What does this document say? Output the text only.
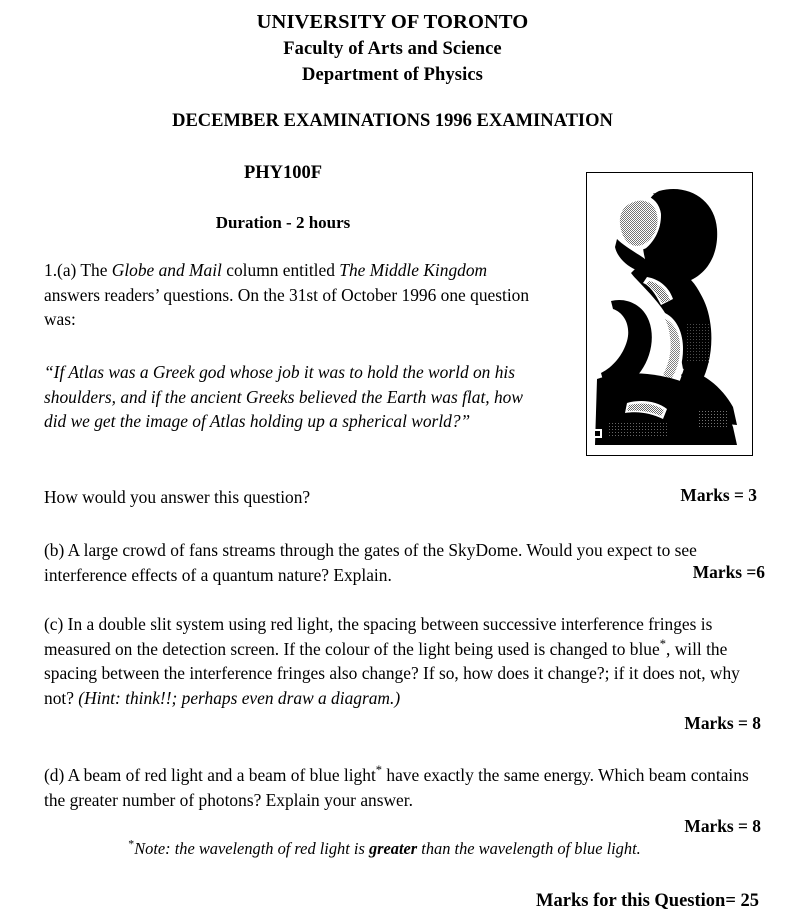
UNIVERSITY OF TORONTO
Faculty of Arts and Science
Department of Physics
DECEMBER EXAMINATIONS 1996 EXAMINATION
PHY100F
Duration - 2 hours
1.(a) The Globe and Mail column entitled The Middle Kingdom answers readers’ questions. On the 31st of October 1996 one question was:
“If Atlas was a Greek god whose job it was to hold the world on his shoulders, and if the ancient Greeks believed the Earth was flat, how did we get the image of Atlas holding up a spherical world?”
How would you answer this question?	Marks = 3
(b) A large crowd of fans streams through the gates of the SkyDome. Would you expect to see interference effects of a quantum nature? Explain.	Marks =6
(c) In a double slit system using red light, the spacing between successive interference fringes is measured on the detection screen. If the colour of the light being used is changed to blue*, will the spacing between the interference fringes also change? If so, how does it change?; if it does not, why not? (Hint: think!!; perhaps even draw a diagram.)
Marks = 8
(d) A beam of red light and a beam of blue light* have exactly the same energy. Which beam contains the greater number of photons? Explain your answer.
Marks = 8
*Note: the wavelength of red light is greater than the wavelength of blue light.
Marks for this Question= 25
